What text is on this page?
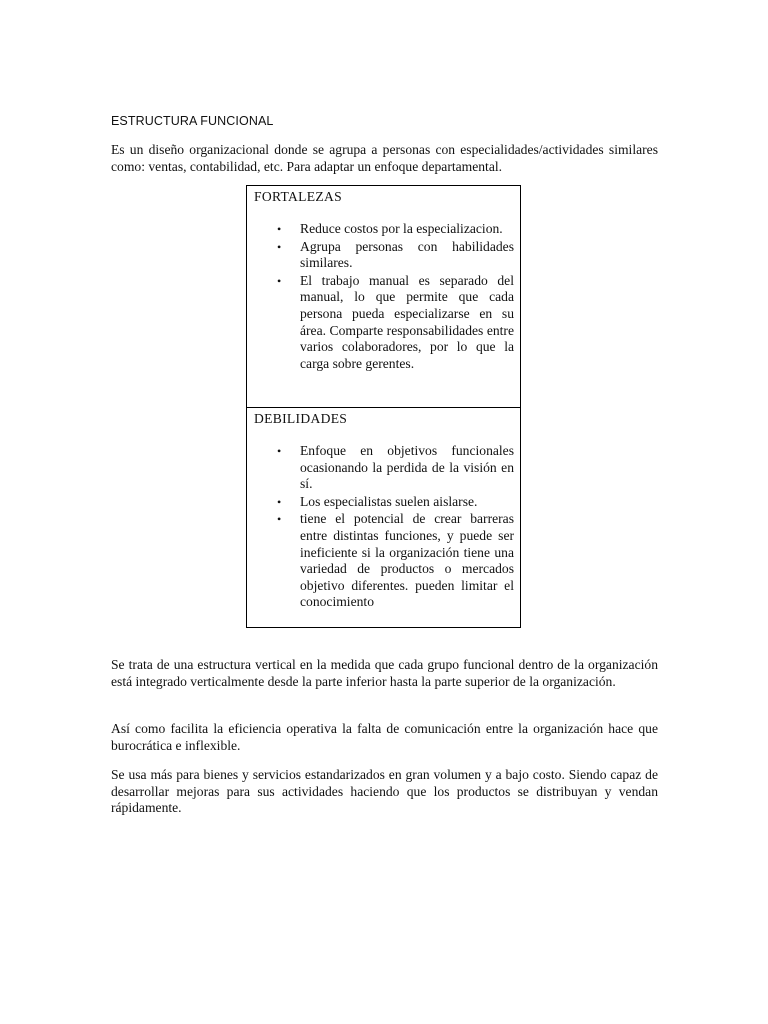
ESTRUCTURA FUNCIONAL

Es un diseño organizacional donde se agrupa a personas con especialidades/actividades similares como: ventas, contabilidad, etc. Para adaptar un enfoque departamental.

FORTALEZAS
• Reduce costos por la especializacion.
• Agrupa personas con habilidades similares.
• El trabajo manual es separado del manual, lo que permite que cada persona pueda especializarse en su área. Comparte responsabilidades entre varios colaboradores, por lo que la carga sobre gerentes.
DEBILIDADES
• Enfoque en objetivos funcionales ocasionando la perdida de la visión en sí.
• Los especialistas suelen aislarse.
• tiene el potencial de crear barreras entre distintas funciones, y puede ser ineficiente si la organización tiene una variedad de productos o mercados objetivo diferentes. pueden limitar el conocimiento

Se trata de una estructura vertical en la medida que cada grupo funcional dentro de la organización está integrado verticalmente desde la parte inferior hasta la parte superior de la organización.

Así como facilita la eficiencia operativa la falta de comunicación entre la organización hace que burocrática e inflexible.

Se usa más para bienes y servicios estandarizados en gran volumen y a bajo costo. Siendo capaz de desarrollar mejoras para sus actividades haciendo que los productos se distribuyan y vendan rápidamente.
